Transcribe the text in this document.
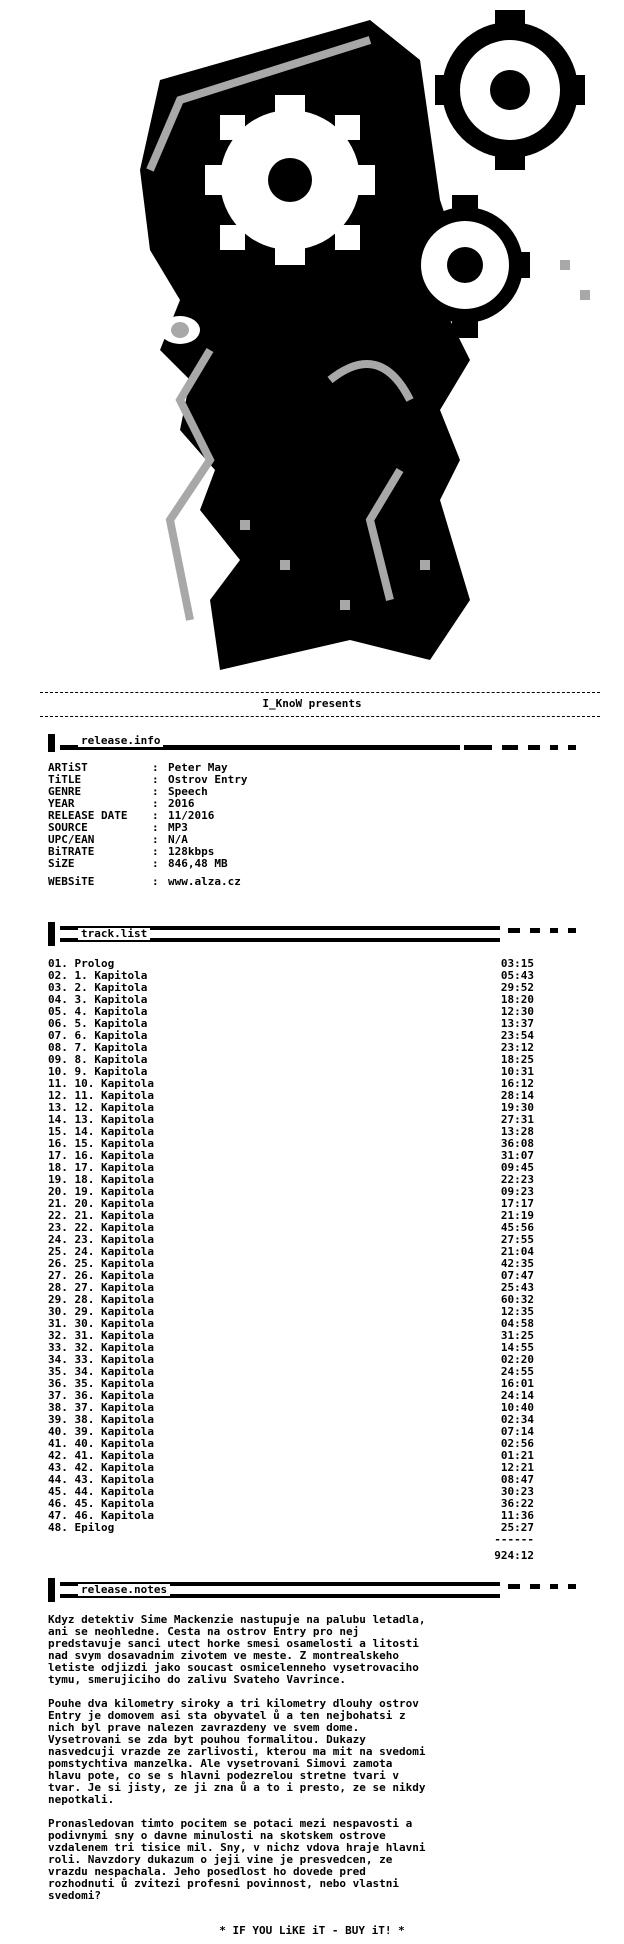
I_KnoW presents
release.info
ARTiST	: Peter May
TiTLE	: Ostrov Entry
GENRE	: Speech
YEAR	: 2016
RELEASE DATE	: 11/2016
SOURCE	: MP3
UPC/EAN	: N/A
BiTRATE	: 128kbps
SiZE	: 846,48 MB
WEBSiTE	: www.alza.cz
track.list
01. Prolog	03:15
02. 1. Kapitola	05:43
03. 2. Kapitola	29:52
04. 3. Kapitola	18:20
05. 4. Kapitola	12:30
06. 5. Kapitola	13:37
07. 6. Kapitola	23:54
08. 7. Kapitola	23:12
09. 8. Kapitola	18:25
10. 9. Kapitola	10:31
11. 10. Kapitola	16:12
12. 11. Kapitola	28:14
13. 12. Kapitola	19:30
14. 13. Kapitola	27:31
15. 14. Kapitola	13:28
16. 15. Kapitola	36:08
17. 16. Kapitola	31:07
18. 17. Kapitola	09:45
19. 18. Kapitola	22:23
20. 19. Kapitola	09:23
21. 20. Kapitola	17:17
22. 21. Kapitola	21:19
23. 22. Kapitola	45:56
24. 23. Kapitola	27:55
25. 24. Kapitola	21:04
26. 25. Kapitola	42:35
27. 26. Kapitola	07:47
28. 27. Kapitola	25:43
29. 28. Kapitola	60:32
30. 29. Kapitola	12:35
31. 30. Kapitola	04:58
32. 31. Kapitola	31:25
33. 32. Kapitola	14:55
34. 33. Kapitola	02:20
35. 34. Kapitola	24:55
36. 35. Kapitola	16:01
37. 36. Kapitola	24:14
38. 37. Kapitola	10:40
39. 38. Kapitola	02:34
40. 39. Kapitola	07:14
41. 40. Kapitola	02:56
42. 41. Kapitola	01:21
43. 42. Kapitola	12:21
44. 43. Kapitola	08:47
45. 44. Kapitola	30:23
46. 45. Kapitola	36:22
47. 46. Kapitola	11:36
48. Epilog	25:27
------
924:12
release.notes

Kdyz detektiv Sime Mackenzie nastupuje na palubu letadla,
ani se neohledne. Cesta na ostrov Entry pro nej
predstavuje sanci utect horke smesi osamelosti a litosti
nad svym dosavadnim zivotem ve meste. Z montrealskeho
letiste odjizdi jako soucast osmicelenneho vysetrovaciho
tymu, smerujiciho do zalivu Svateho Vavrince.

Pouhe dva kilometry siroky a tri kilometry dlouhy ostrov
Entry je domovem asi sta obyvatel ů a ten nejbohatsi z
nich byl prave nalezen zavrazdeny ve svem dome.
Vysetrovani se zda byt pouhou formalitou. Dukazy
nasvedcuji vrazde ze zarlivosti, kterou ma mit na svedomi
pomstychtiva manzelka. Ale vysetrovani Simovi zamota
hlavu pote, co se s hlavni podezrelou stretne tvari v
tvar. Je si jisty, ze ji zna ů a to i presto, ze se nikdy
nepotkali.

Pronasledovan timto pocitem se potaci mezi nespavosti a
podivnymi sny o davne minulosti na skotskem ostrove
vzdalenem tri tisice mil. Sny, v nichz vdova hraje hlavni
roli. Navzdory dukazum o jeji vine je presvedcen, ze
vrazdu nespachala. Jeho posedlost ho dovede pred
rozhodnuti ů zvitezi profesni povinnost, nebo vlastni
svedomi?

* IF YOU LiKE iT - BUY iT! *
